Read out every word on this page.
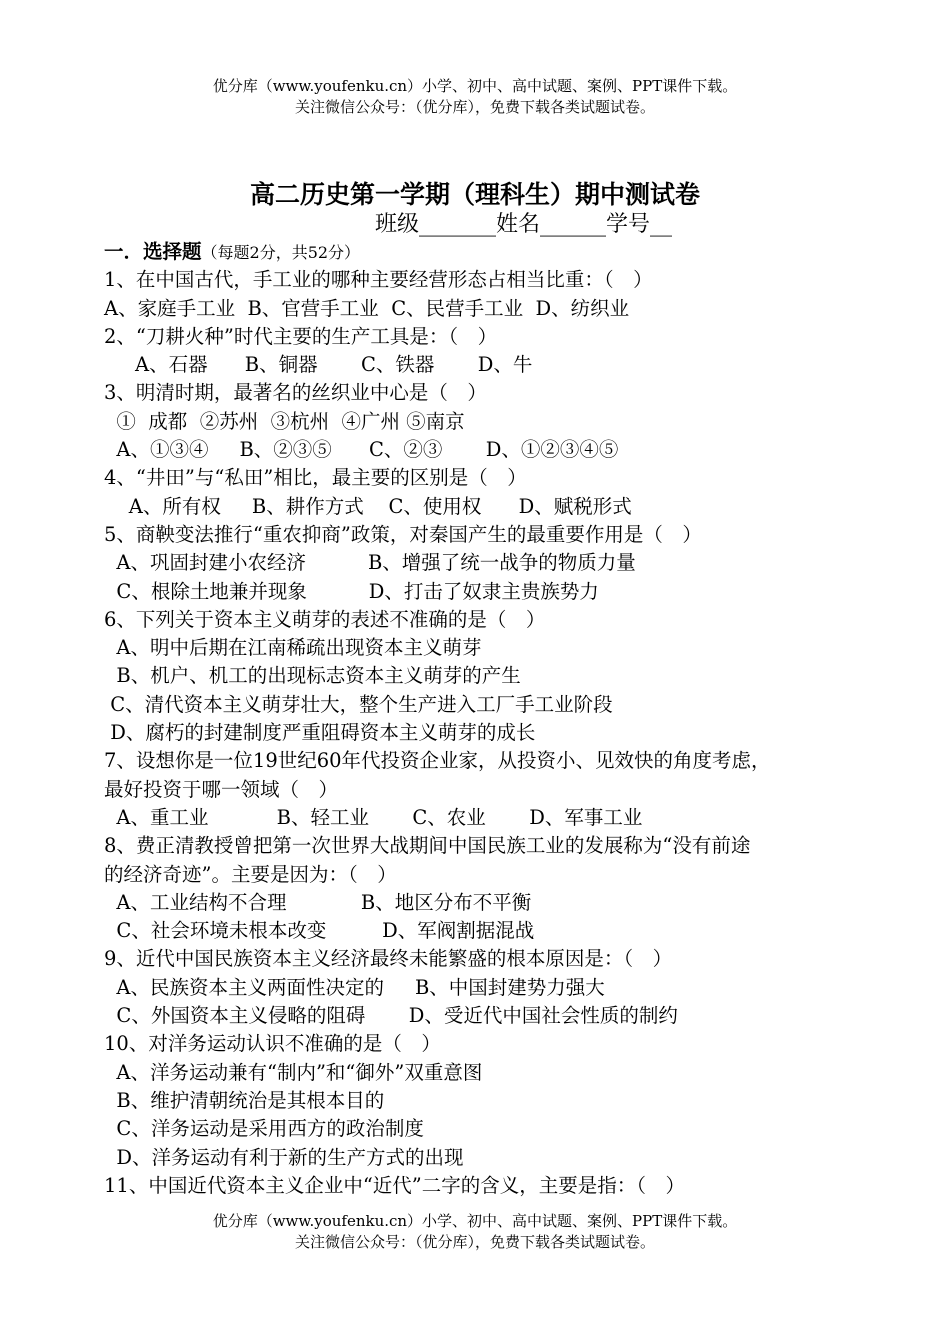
优分库（www.youfenku.cn）小学、初中、高中试题、案例、PPT课件下载。
关注微信公众号：（优分库），免费下载各类试题试卷。
高二历史第一学期（理科生）期中测试卷
班级_______姓名______学号__
一．选择题（每题2分，共52分）
1、在中国古代，手工业的哪种主要经营形态占相当比重：（　）
A、家庭手工业  B、官营手工业  C、民营手工业  D、纺织业
2、“刀耕火种”时代主要的生产工具是：（　）
A、石器      B、铜器       C、铁器       D、牛
3、明清时期，最著名的丝织业中心是（　）
①  成都  ②苏州  ③杭州  ④广州 ⑤南京
A、①③④     B、②③⑤      C、②③       D、①②③④⑤
4、“井田”与“私田”相比，最主要的区别是（　）
A、所有权     B、耕作方式    C、使用权      D、赋税形式
5、商鞅变法推行“重农抑商”政策，对秦国产生的最重要作用是（　）
A、巩固封建小农经济          B、增强了统一战争的物质力量
C、根除土地兼并现象          D、打击了奴隶主贵族势力
6、下列关于资本主义萌芽的表述不准确的是（　）
A、明中后期在江南稀疏出现资本主义萌芽
B、机户、机工的出现标志资本主义萌芽的产生
C、清代资本主义萌芽壮大，整个生产进入工厂手工业阶段
D、腐朽的封建制度严重阻碍资本主义萌芽的成长
7、设想你是一位19世纪60年代投资企业家，从投资小、见效快的角度考虑，
最好投资于哪一领域（　）
A、重工业           B、轻工业       C、农业       D、军事工业
8、费正清教授曾把第一次世界大战期间中国民族工业的发展称为“没有前途
的经济奇迹”。主要是因为：（　）
A、工业结构不合理            B、地区分布不平衡
C、社会环境未根本改变         D、军阀割据混战
9、近代中国民族资本主义经济最终未能繁盛的根本原因是：（　）
A、民族资本主义两面性决定的     B、中国封建势力强大
C、外国资本主义侵略的阻碍       D、受近代中国社会性质的制约
10、对洋务运动认识不准确的是（　）
A、洋务运动兼有“制内”和“御外”双重意图
B、维护清朝统治是其根本目的
C、洋务运动是采用西方的政治制度
D、洋务运动有利于新的生产方式的出现
11、中国近代资本主义企业中“近代”二字的含义，主要是指：（　）
优分库（www.youfenku.cn）小学、初中、高中试题、案例、PPT课件下载。
关注微信公众号：（优分库），免费下载各类试题试卷。
